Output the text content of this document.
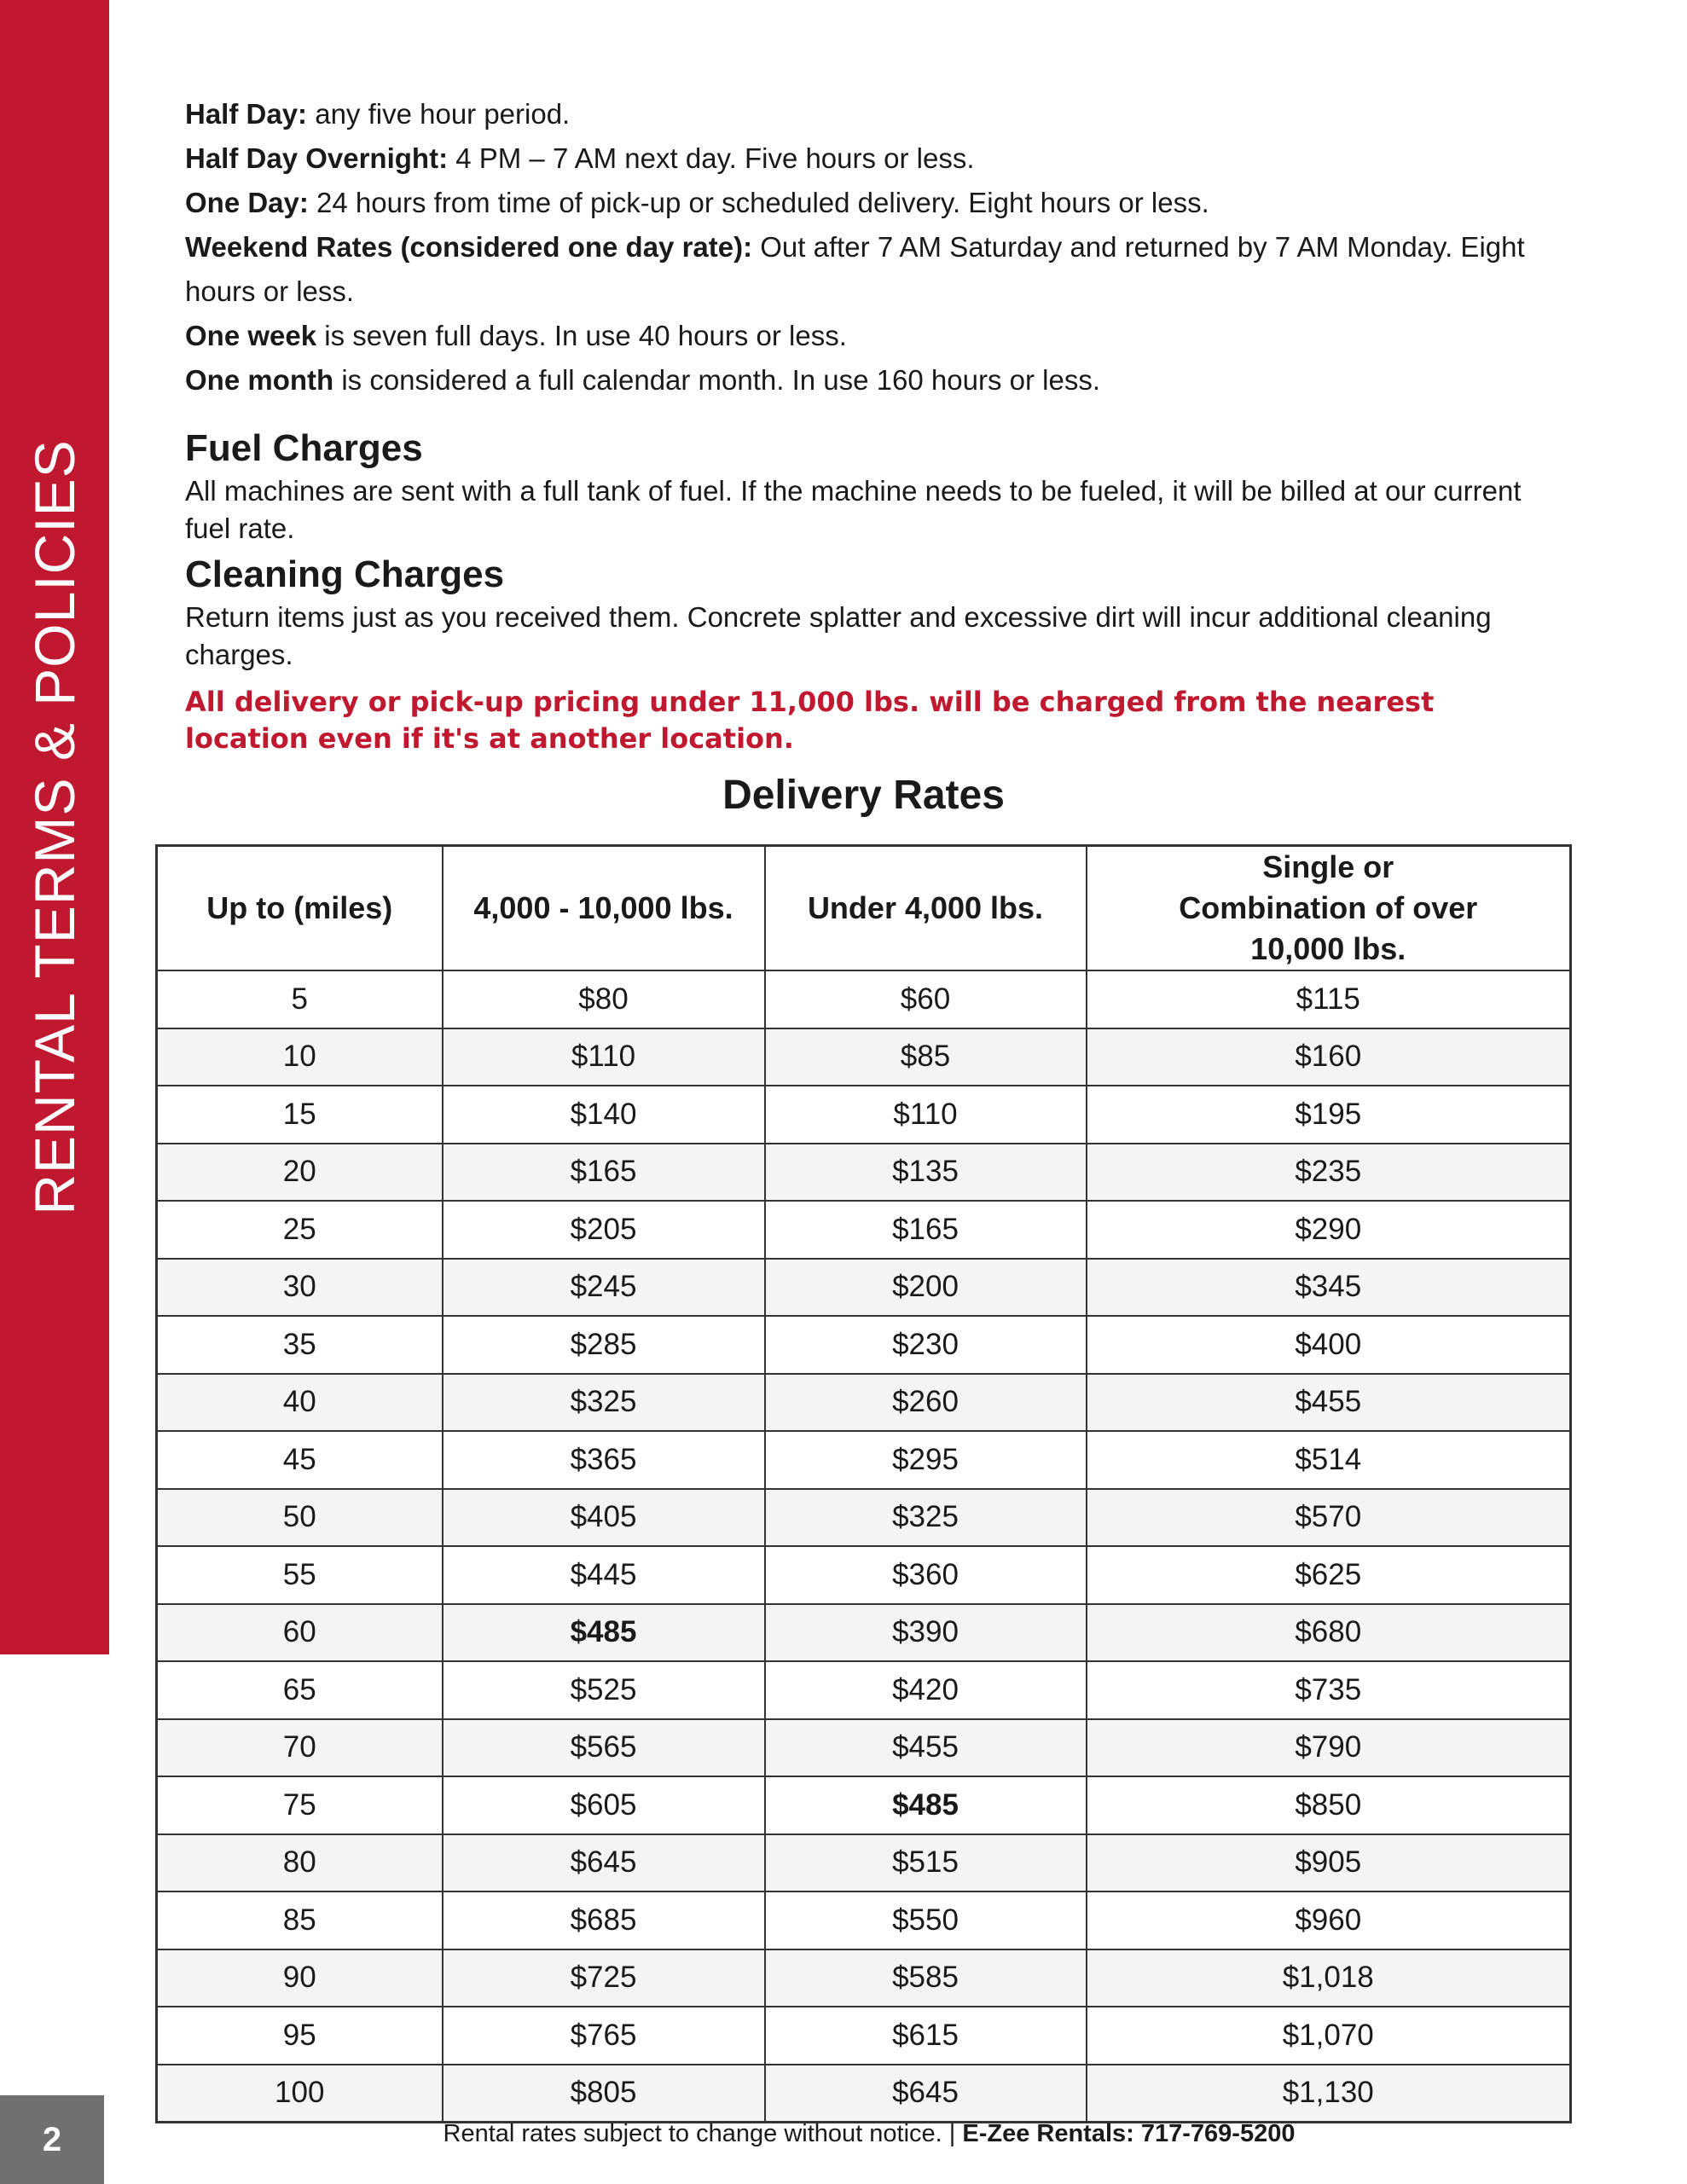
RENTAL TERMS & POLICIES
2

Half Day: any five hour period.

Half Day Overnight: 4 PM – 7 AM next day. Five hours or less.

One Day: 24 hours from time of pick-up or scheduled delivery. Eight hours or less.

Weekend Rates (considered one day rate): Out after 7 AM Saturday and returned by 7 AM Monday. Eight hours or less.

One week is seven full days. In use 40 hours or less.

One month is considered a full calendar month. In use 160 hours or less.

Fuel Charges

All machines are sent with a full tank of fuel. If the machine needs to be fueled, it will be billed at our current fuel rate.

Cleaning Charges

Return items just as you received them. Concrete splatter and excessive dirt will incur additional cleaning charges.

All delivery or pick-up pricing under 11,000 lbs. will be charged from the nearest location even if it's at another location.

Delivery Rates
Up to (miles)	4,000 - 10,000 lbs.	Under 4,000 lbs.	Single or Combination of over 10,000 lbs.
5	$80	$60	$115
10	$110	$85	$160
15	$140	$110	$195
20	$165	$135	$235
25	$205	$165	$290
30	$245	$200	$345
35	$285	$230	$400
40	$325	$260	$455
45	$365	$295	$514
50	$405	$325	$570
55	$445	$360	$625
60	$485	$390	$680
65	$525	$420	$735
70	$565	$455	$790
75	$605	$485	$850
80	$645	$515	$905
85	$685	$550	$960
90	$725	$585	$1,018
95	$765	$615	$1,070
100	$805	$645	$1,130
Rental rates subject to change without notice. | E-Zee Rentals: 717-769-5200
